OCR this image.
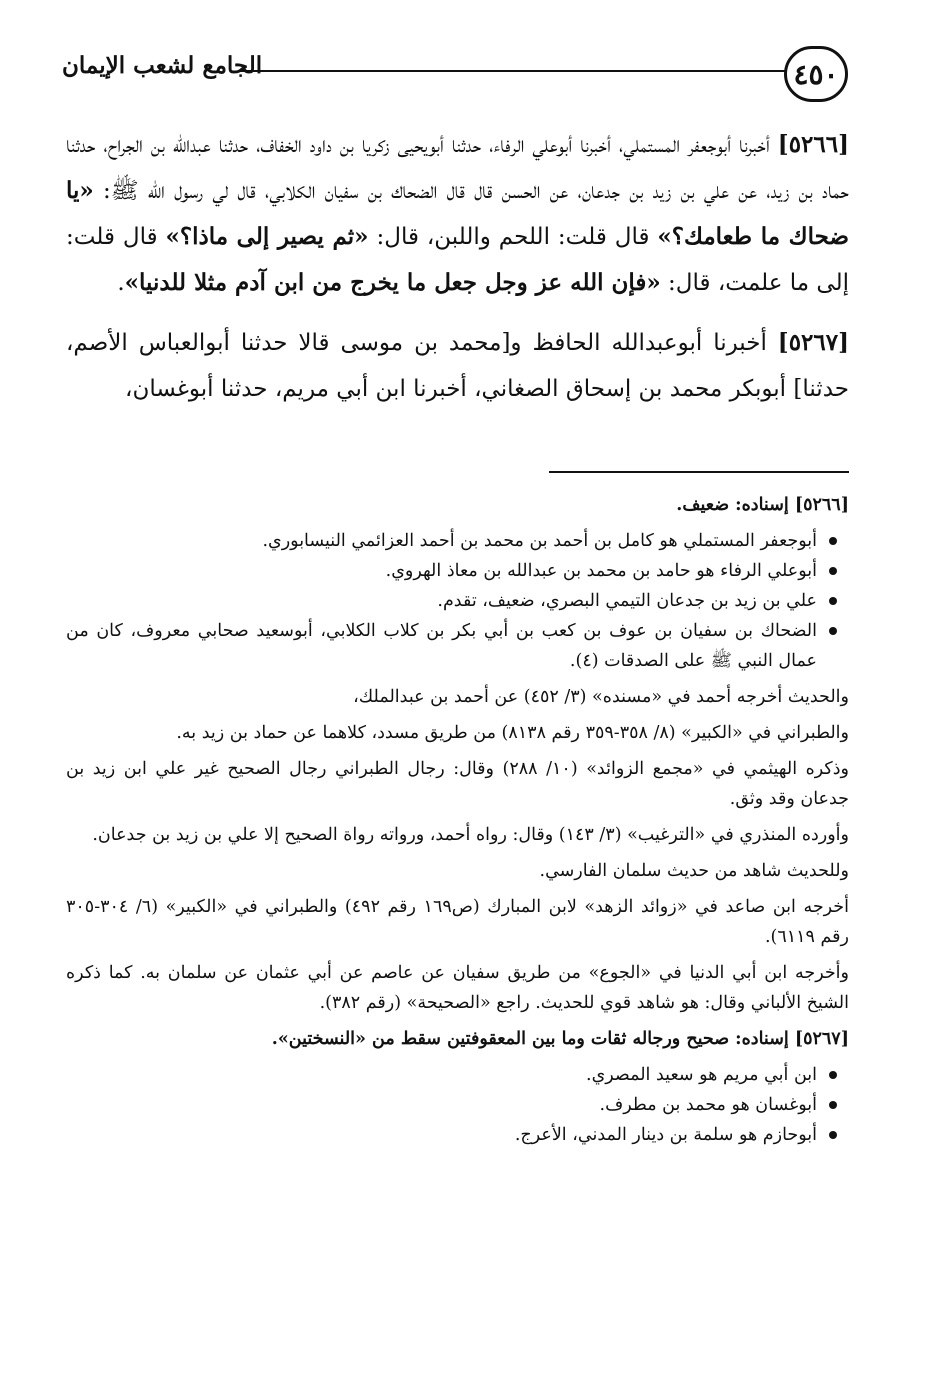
٤٥٠
الجامع لشعب الإيمان

[٥٢٦٦] أخبرنا أبوجعفر المستملي، أخبرنا أبوعلي الرفاء، حدثنا أبويحيى زكريا بن داود الخفاف، حدثنا عبدالله بن الجراح، حدثنا حماد بن زيد، عن علي بن زيد بن جدعان، عن الحسن قال قال الضحاك بن سفيان الكلابي، قال لي رسول الله ﷺ: «يا ضحاك ما طعامك؟» قال قلت: اللحم واللبن، قال: «ثم يصير إلى ماذا؟» قال قلت: إلى ما علمت، قال: «فإن الله عز وجل جعل ما يخرج من ابن آدم مثلا للدنيا».

[٥٢٦٧] أخبرنا أبوعبدالله الحافظ و[محمد بن موسى قالا حدثنا أبوالعباس الأصم، حدثنا] أبوبكر محمد بن إسحاق الصغاني، أخبرنا ابن أبي مريم، حدثنا أبوغسان،

[٥٢٦٦] إسناده: ضعيف.

أبوجعفر المستملي هو كامل بن أحمد بن محمد بن أحمد العزائمي النيسابوري.
أبوعلي الرفاء هو حامد بن محمد بن عبدالله بن معاذ الهروي.
علي بن زيد بن جدعان التيمي البصري، ضعيف، تقدم.
الضحاك بن سفيان بن عوف بن كعب بن أبي بكر بن كلاب الكلابي، أبوسعيد صحابي معروف، كان من عمال النبي ﷺ على الصدقات (٤).

والحديث أخرجه أحمد في «مسنده» (٣/ ٤٥٢) عن أحمد بن عبدالملك،

والطبراني في «الكبير» (٨/ ٣٥٨-٣٥٩ رقم ٨١٣٨) من طريق مسدد، كلاهما عن حماد بن زيد به.

وذكره الهيثمي في «مجمع الزوائد» (١٠/ ٢٨٨) وقال: رجال الطبراني رجال الصحيح غير علي ابن زيد بن جدعان وقد وثق.

وأورده المنذري في «الترغيب» (٣/ ١٤٣) وقال: رواه أحمد، ورواته رواة الصحيح إلا علي بن زيد بن جدعان.

وللحديث شاهد من حديث سلمان الفارسي.

أخرجه ابن صاعد في «زوائد الزهد» لابن المبارك (ص١٦٩ رقم ٤٩٢) والطبراني في «الكبير» (٦/ ٣٠٤-٣٠٥ رقم ٦١١٩).

وأخرجه ابن أبي الدنيا في «الجوع» من طريق سفيان عن عاصم عن أبي عثمان عن سلمان به. كما ذكره الشيخ الألباني وقال: هو شاهد قوي للحديث. راجع «الصحيحة» (رقم ٣٨٢).

[٥٢٦٧] إسناده: صحيح ورجاله ثقات وما بين المعقوفتين سقط من «النسختين».

ابن أبي مريم هو سعيد المصري.
أبوغسان هو محمد بن مطرف.
أبوحازم هو سلمة بن دينار المدني، الأعرج.
